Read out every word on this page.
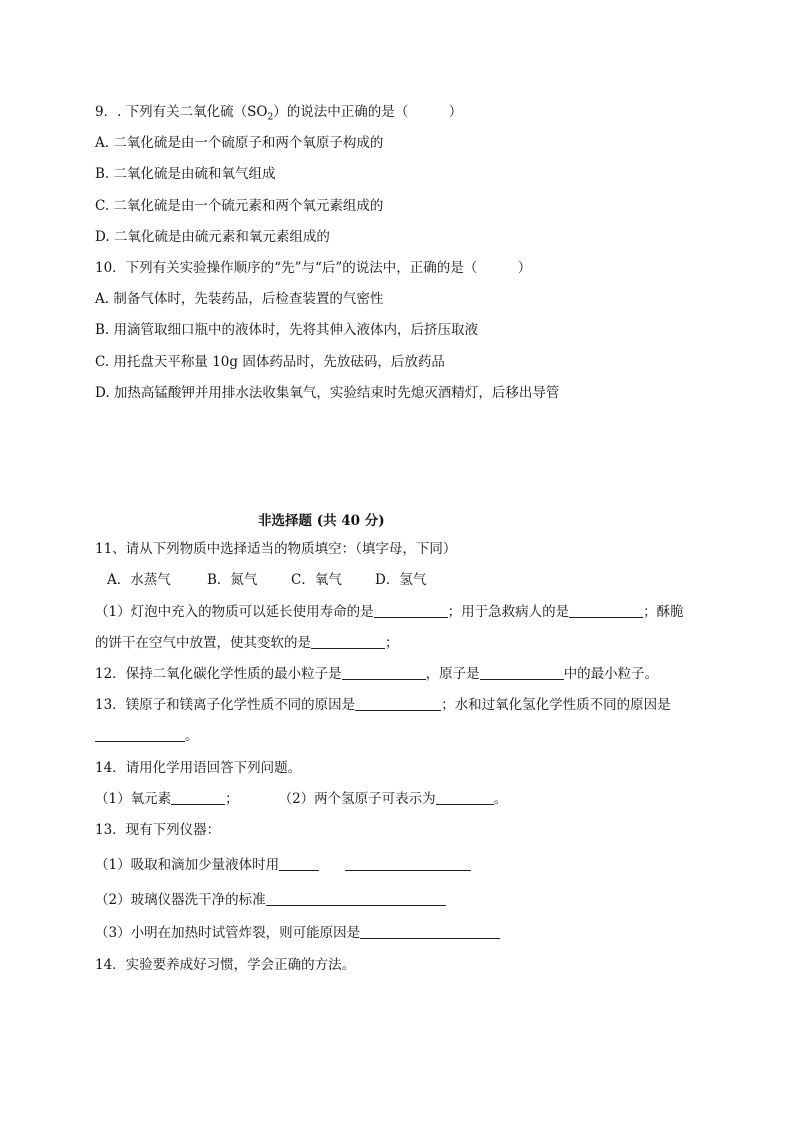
9．. 下列有关二氧化硫$(SO_2)$的说法中正确的是（　　　）
A. 二氧化硫是由一个硫原子和两个氧原子构成的
B. 二氧化硫是由硫和氧气组成
C. 二氧化硫是由一个硫元素和两个氧元素组成的
D. 二氧化硫是由硫元素和氧元素组成的
10．下列有关实验操作顺序的“先”与“后”的说法中，正确的是（　　　）
A. 制备气体时，先装药品，后检查装置的气密性
B. 用滴管取细口瓶中的液体时，先将其伸入液体内，后挤压取液
C. 用托盘天平称量 10g 固体药品时，先放砝码，后放药品
D. 加热高锰酸钾并用排水法收集氧气，实验结束时先熄灭酒精灯，后移出导管
非选择题 (共 40 分)
11、请从下列物质中选择适当的物质填空：（填字母，下同）
A．水蒸气	B．氮气 C．氧气 D．氢气
（1）灯泡中充入的物质可以延长使用寿命的是	；用于急救病人的是	；酥脆
的饼干在空气中放置，使其变软的是	；
12．保持二氧化碳化学性质的最小粒子是	，原子是	中的最小粒子。
13．镁原子和镁离子化学性质不同的原因是	；水和过氧化氢化学性质不同的原因是
。
14．请用化学用语回答下列问题。
（1）氧元素	；	（2）两个氢原子可表示为	。
13．现有下列仪器：
（1）吸取和滴加少量液体时用
（2）玻璃仪器洗干净的标准
（3）小明在加热时试管炸裂，则可能原因是
14．实验要养成好习惯，学会正确的方法。
